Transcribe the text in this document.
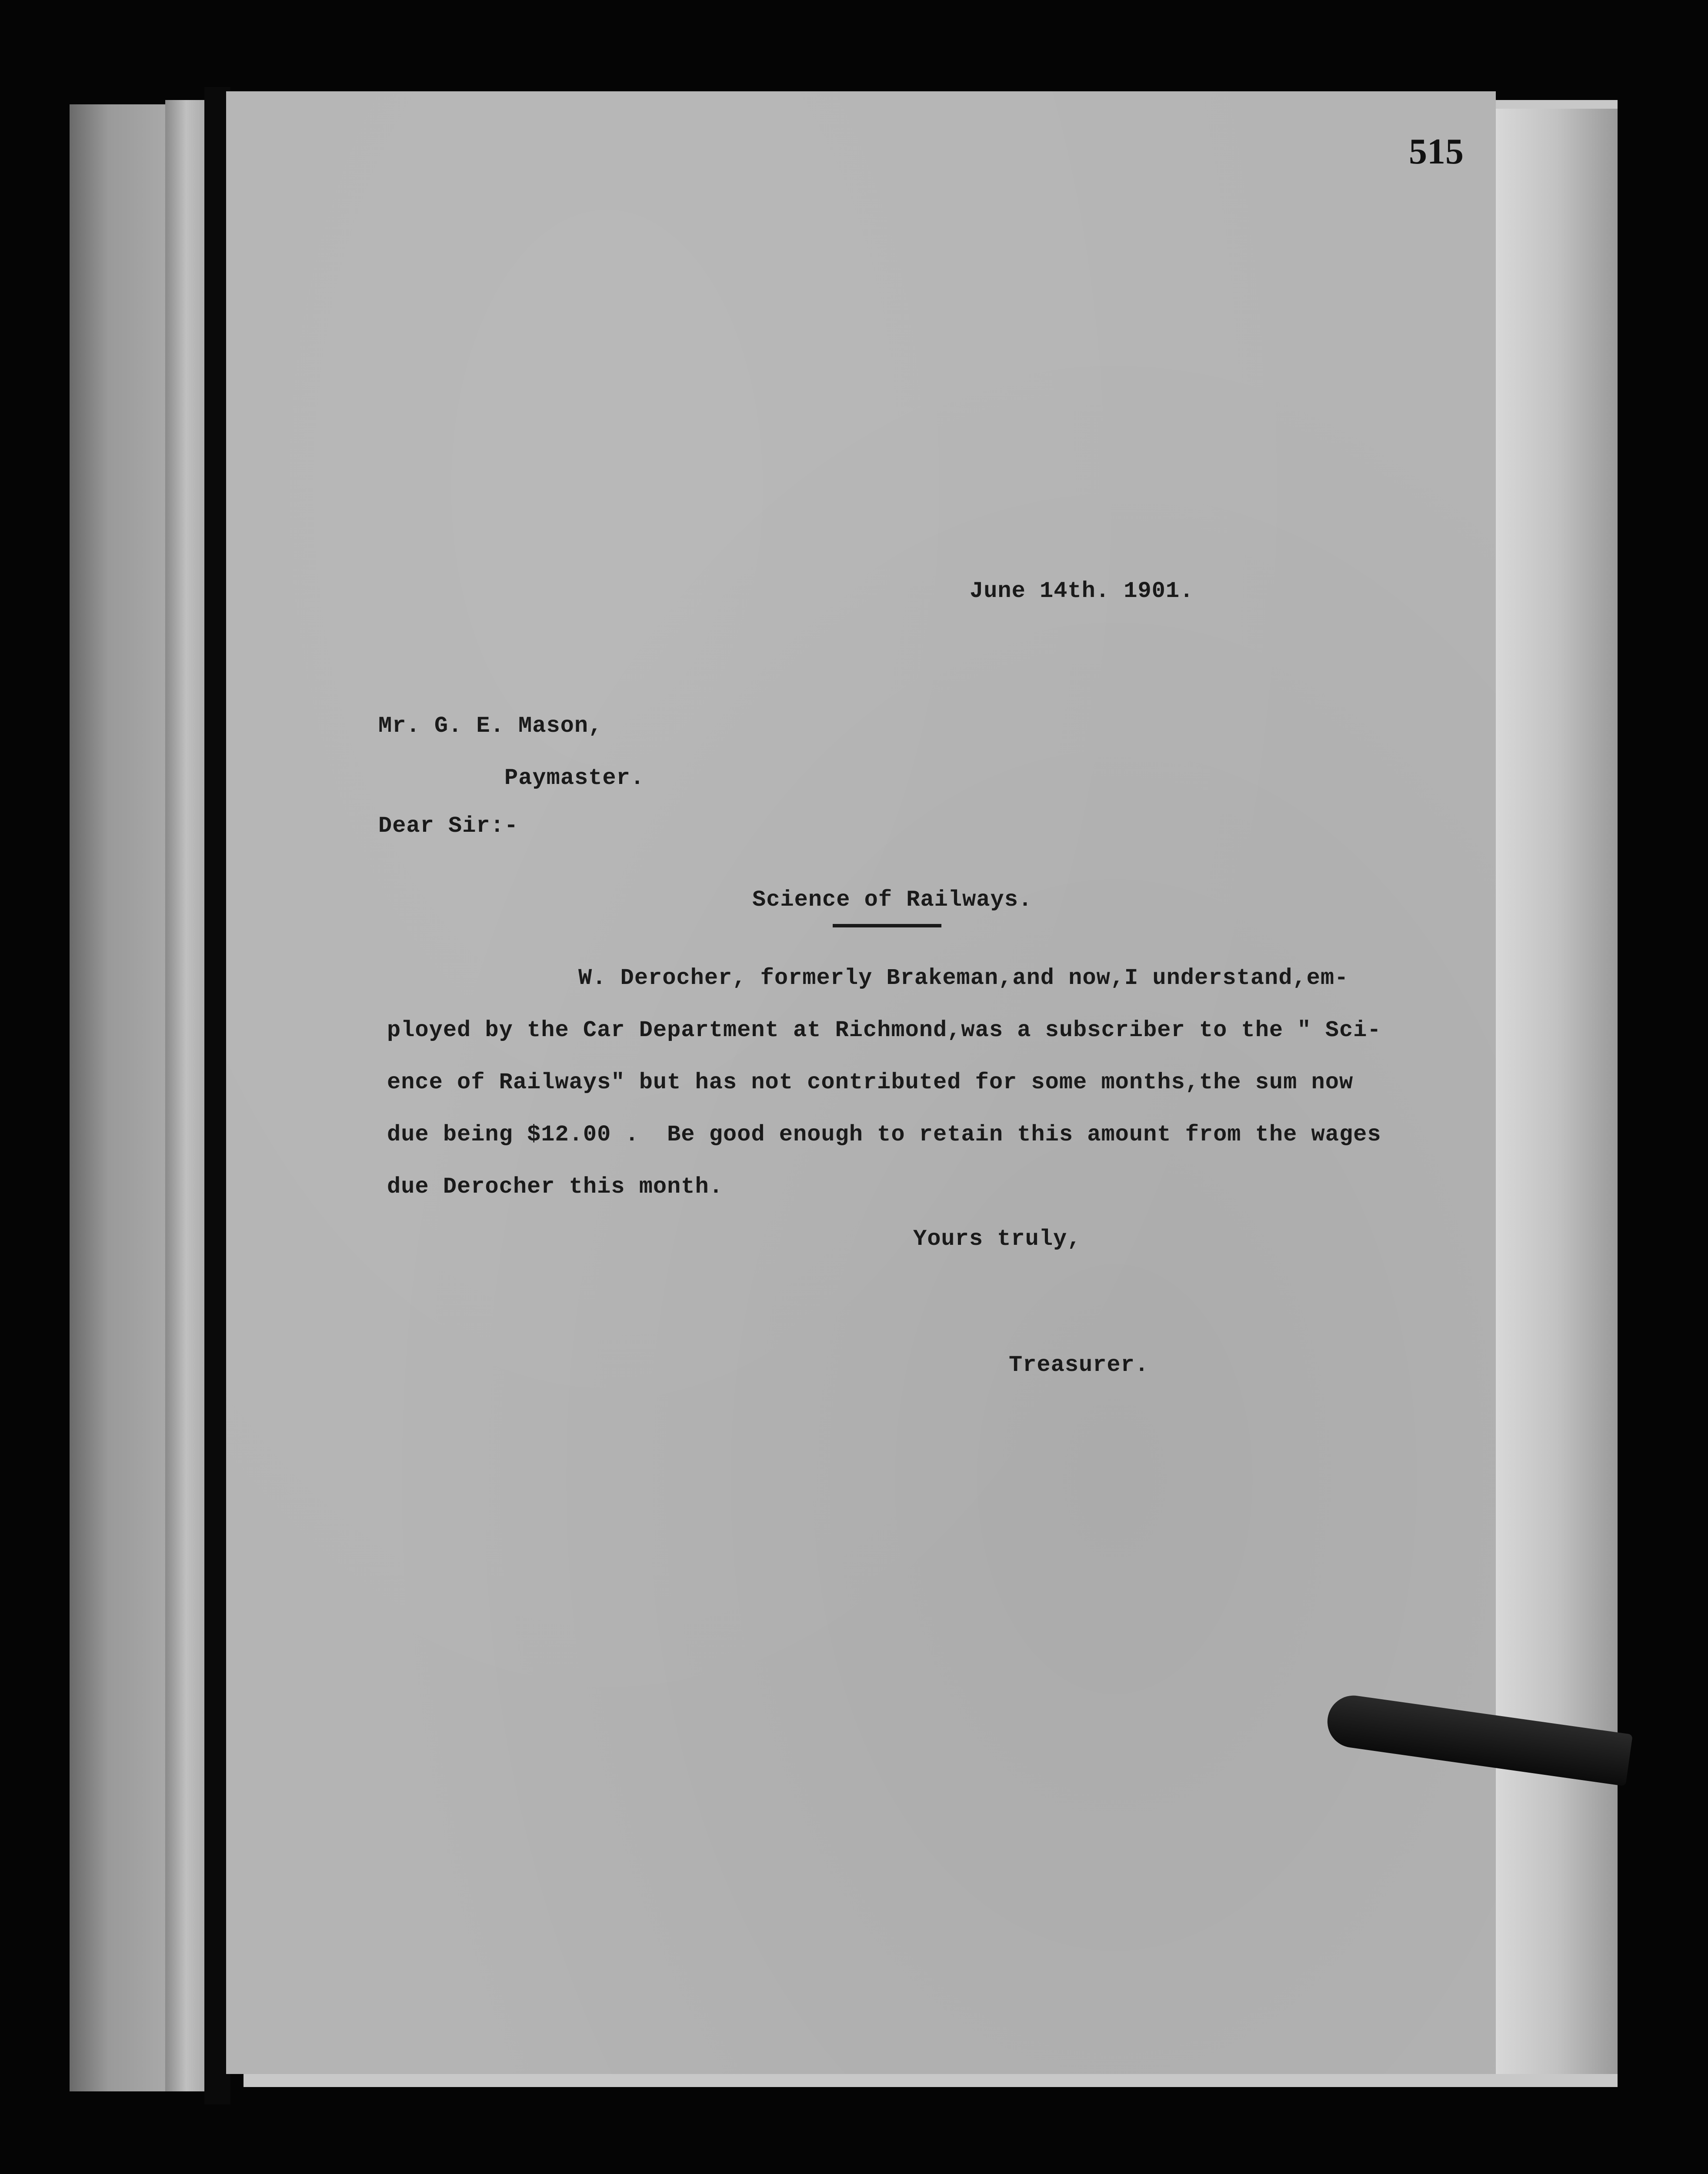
515
June 14th. 1901.
Mr. G. E. Mason,
Paymaster.
Dear Sir:-
Science of Railways.
W. Derocher, formerly Brakeman,and now,I understand,em-
ployed by the Car Department at Richmond,was a subscriber to the " Sci-
ence of Railways" but has not contributed for some months,the sum now
due being $12.00 .  Be good enough to retain this amount from the wages
due Derocher this month.
Yours truly,
Treasurer.
